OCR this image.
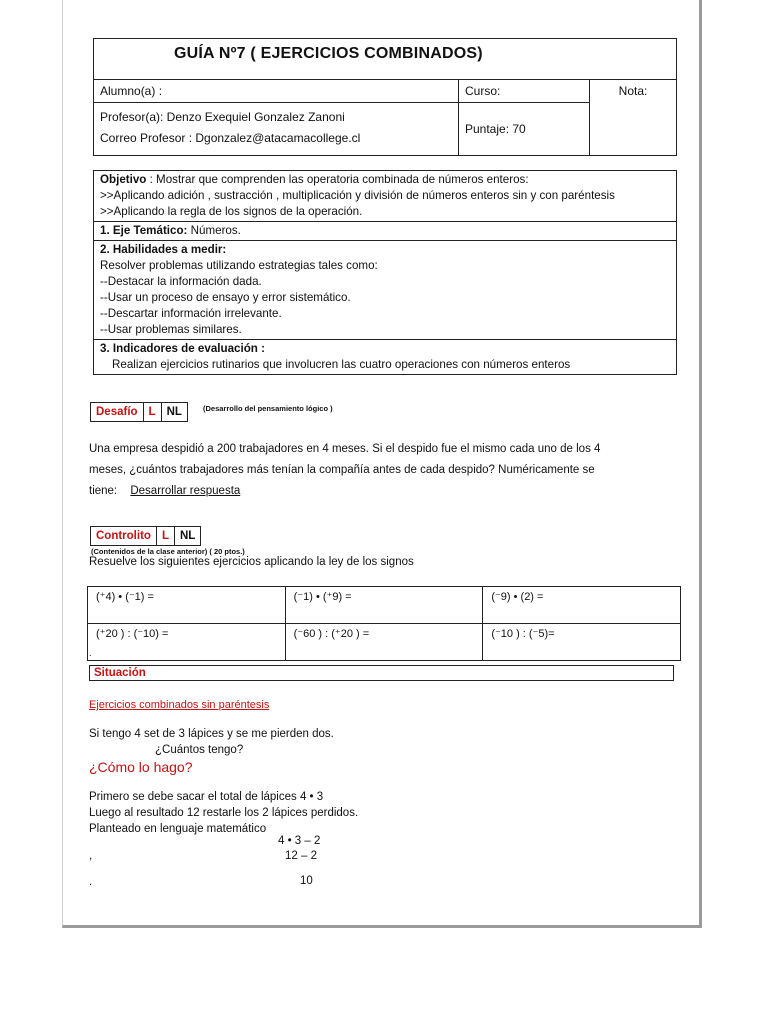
GUÍA Nº7 ( EJERCICIOS COMBINADOS)		

Alumno(a) :	Curso:	Nota:

Profesor(a): Denzo Exequiel Gonzalez Zanoni
Correo Profesor : Dgonzalez@atacamacollege.cl	Puntaje: 70	
Objetivo : Mostrar que comprenden las operatoria combinada de números enteros:
>>Aplicando adición , sustracción , multiplicación y división de números enteros sin y con paréntesis
>>Aplicando la regla de los signos de la operación.

1. Eje Temático: Números.
2. Habilidades a medir:
Resolver problemas utilizando estrategias tales como:
--Destacar la información dada.
--Usar un proceso de ensayo y error sistemático.
--Descartar información irrelevante.
--Usar problemas similares.

3. Indicadores de evaluación :
Realizan ejercicios rutinarios que involucren las cuatro operaciones con números enteros
Desafío L NL	(Desarrollo del pensamiento lógico )
Una empresa despidió a 200 trabajadores en 4 meses. Si el despido fue el mismo cada uno de los 4
meses, ¿cuántos trabajadores más tenían la compañía antes de cada despido? Numéricamente se
tiene: Desarrollar respuesta
Controlito L NL
(Contenidos de la clase anterior) ( 20 ptos.)
Resuelve los siguientes ejercicios aplicando la ley de los signos
(⁺4) • (⁻1) =	(⁻1) • (⁺9) =	(⁻9) • (2) =
(⁺20 ) : (⁻10) =	(⁻60 ) : (⁺20 ) =	(⁻10 ) : (⁻5)=
.
Situación
Ejercicios combinados sin paréntesis
Si tengo 4 set de 3 lápices y se me pierden dos.
¿Cuántos tengo?
¿Cómo lo hago?
Primero se debe sacar el total de lápices 4 • 3
Luego al resultado 12 restarle los 2 lápices perdidos.
Planteado en lenguaje matemático
4 • 3 – 2
,	12 – 2
.	10
